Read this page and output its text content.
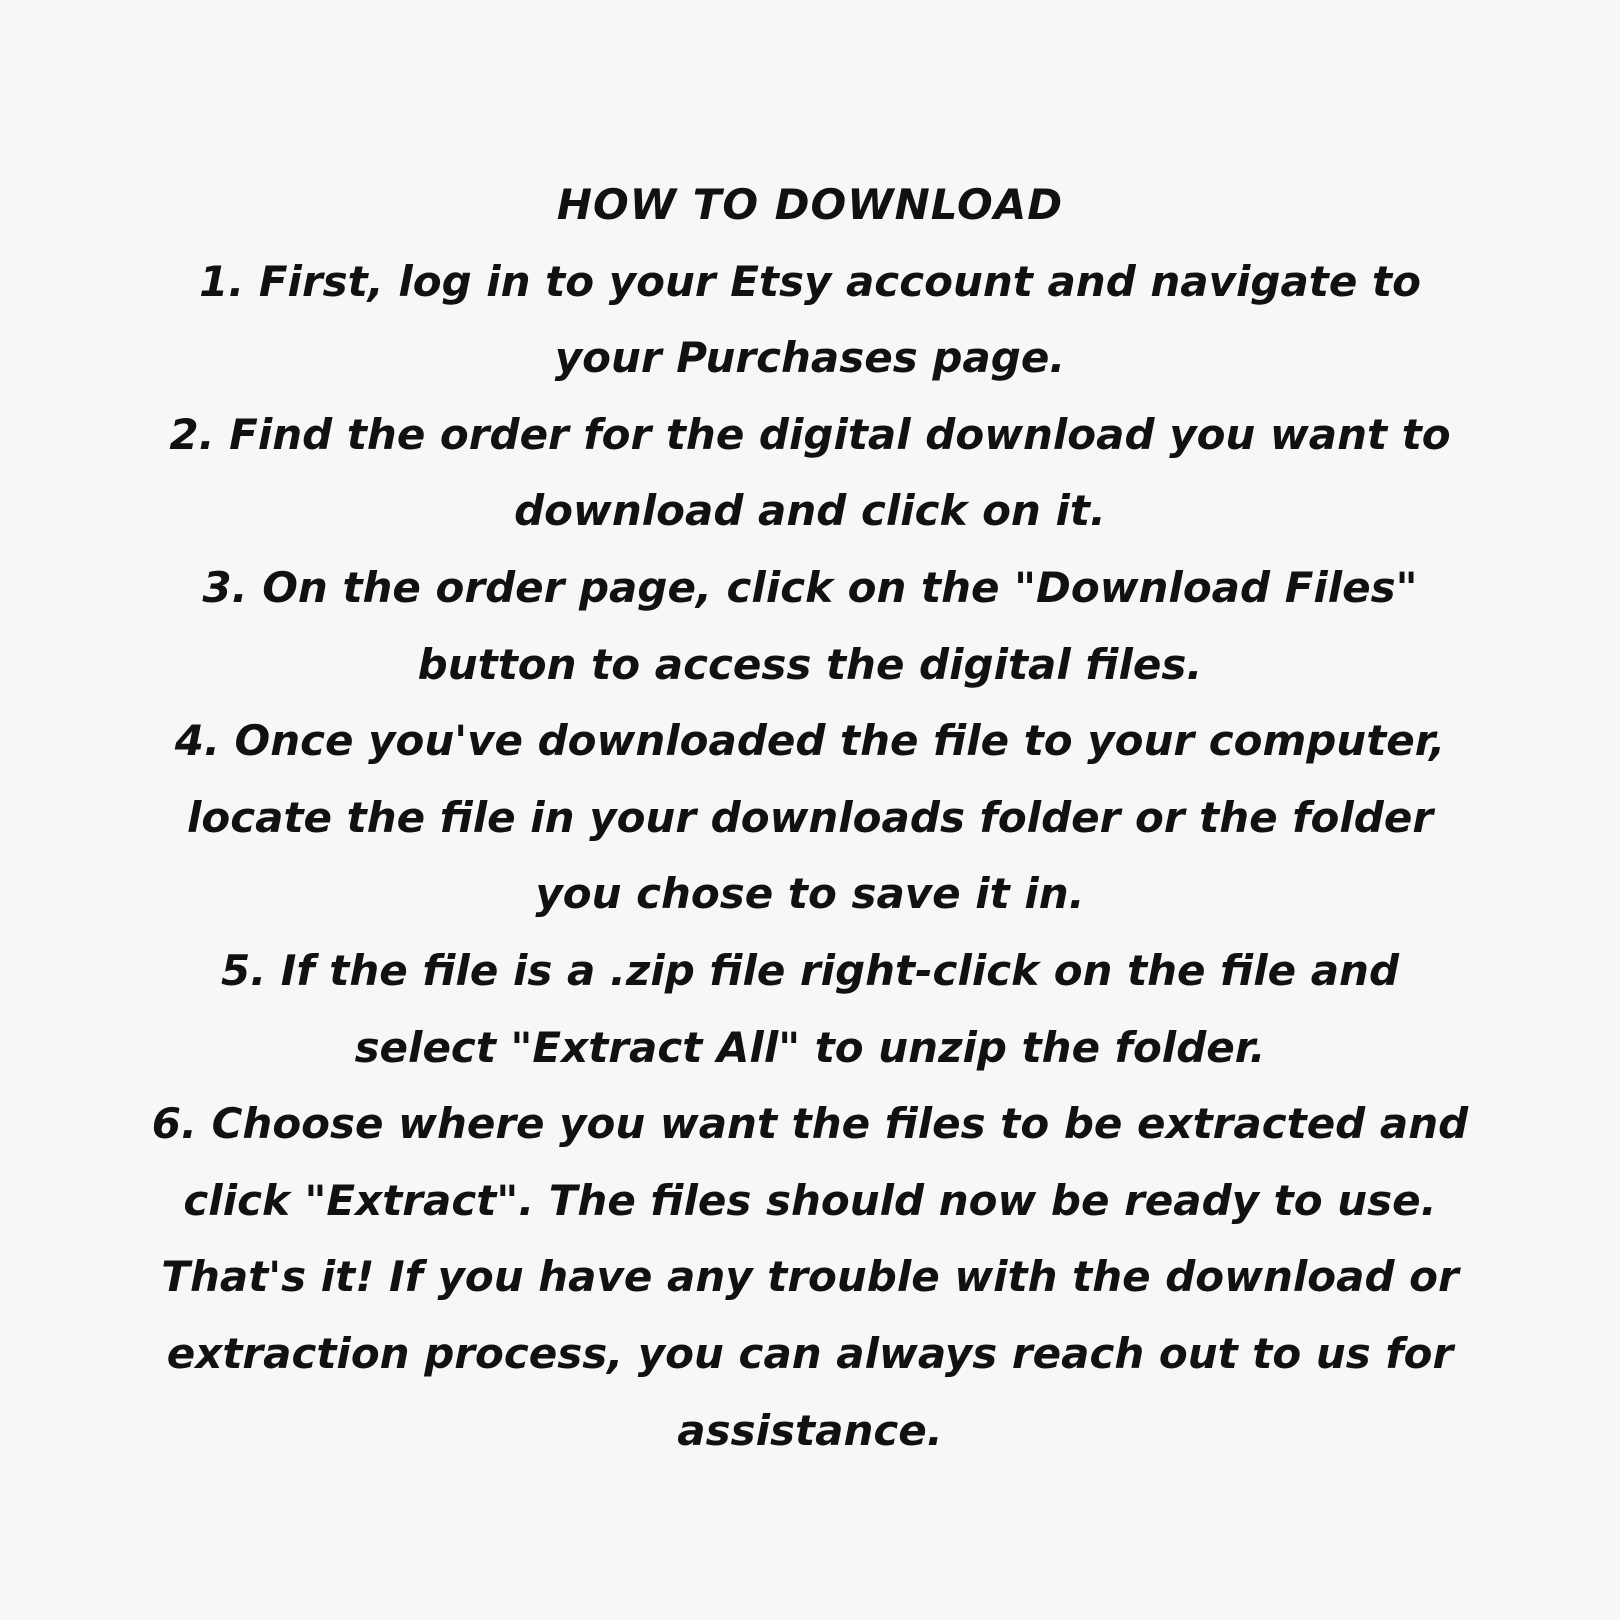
HOW TO DOWNLOAD

1. First, log in to your Etsy account and navigate to

your Purchases page.

2. Find the order for the digital download you want to

download and click on it.

3. On the order page, click on the "Download Files"

button to access the digital files.

4. Once you've downloaded the file to your computer,

locate the file in your downloads folder or the folder

you chose to save it in.

5. If the file is a .zip file right-click on the file and

select "Extract All" to unzip the folder.

6. Choose where you want the files to be extracted and

click "Extract". The files should now be ready to use.

That's it! If you have any trouble with the download or

extraction process, you can always reach out to us for

assistance.
